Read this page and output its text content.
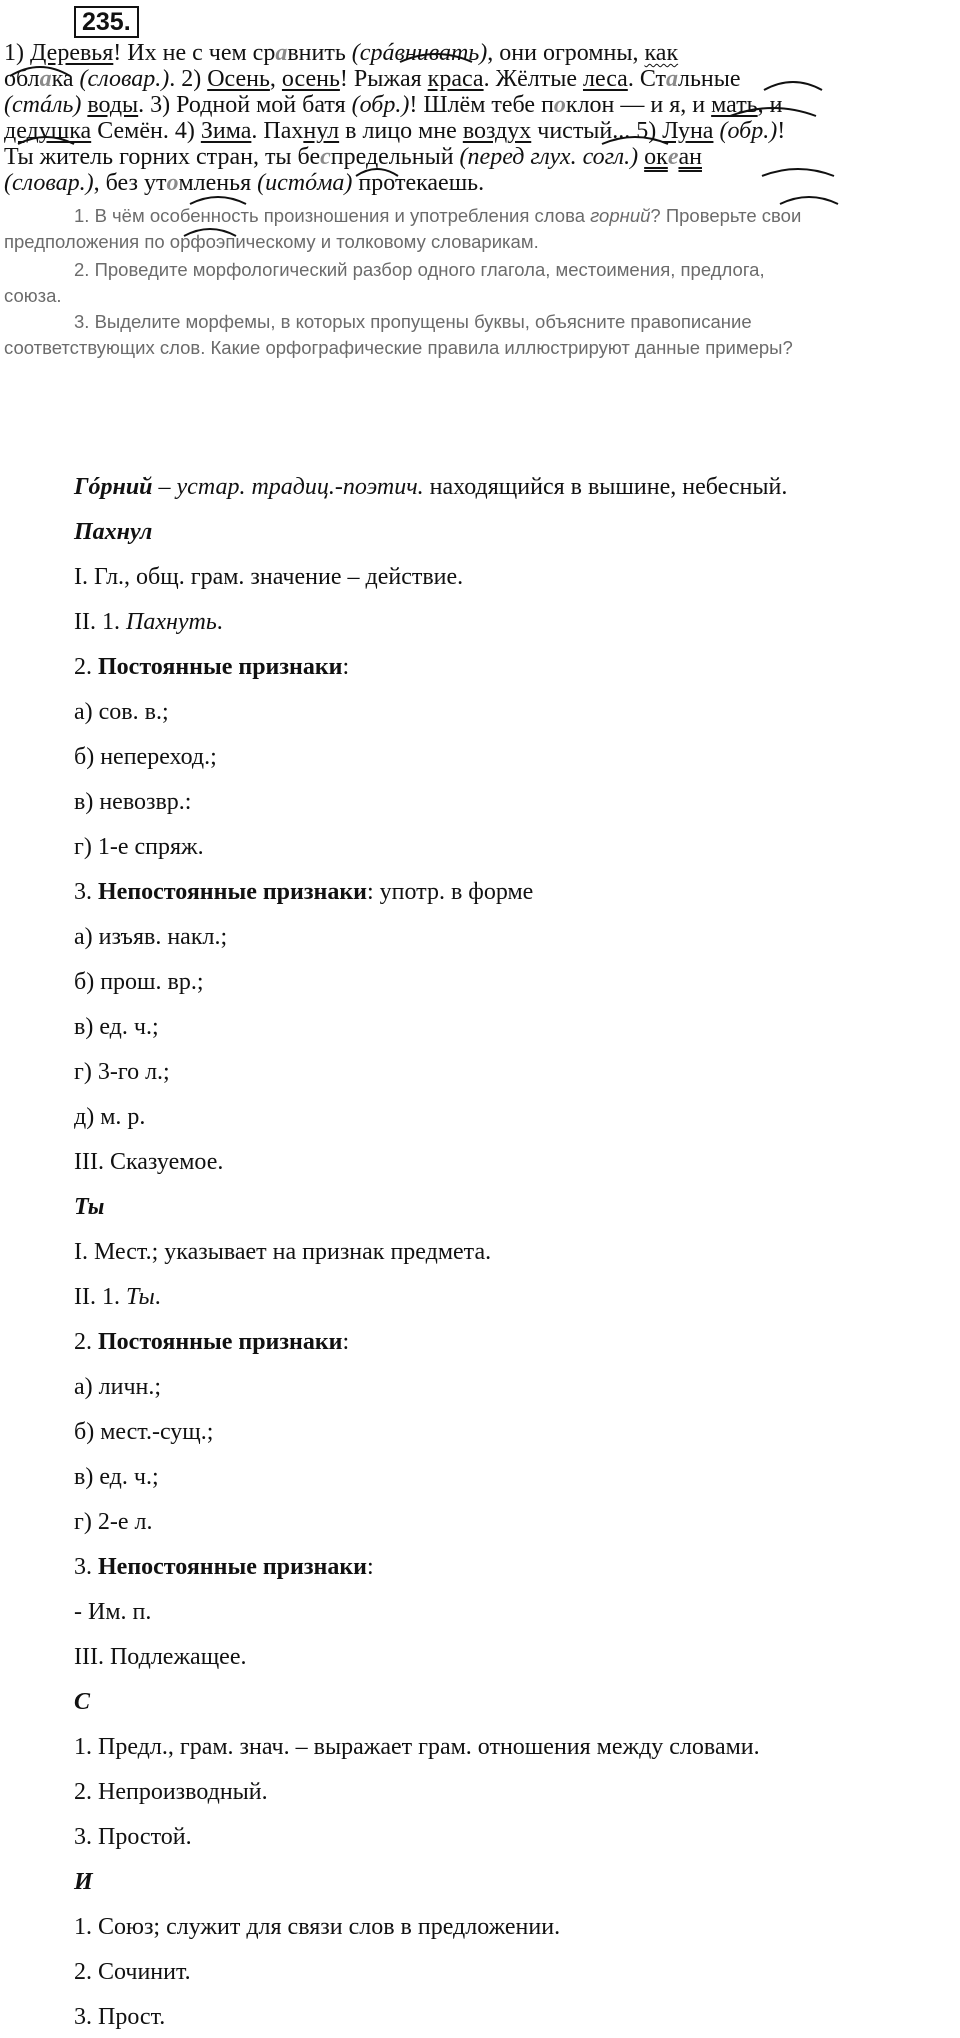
235.
1) Деревья! Их не с чем сравнить (срáвнивать), они огромны, как
облака (словар.). 2) Осень, осень! Рыжая краса. Жёлтые леса. Стальные
(стáль) воды. 3) Родной мой батя (обр.)! Шлём тебе поклон — и я, и мать, и
дедушка Семён. 4) Зима. Пахнул в лицо мне воздух чистый... 5) Луна (обр.)!
Ты житель горних стран, ты беспредельный (перед глух. согл.) океан
(словар.), без утомленья (истóма) протекаешь.
1. В чём особенность произношения и употребления слова горний? Проверьте свои
предположения по орфоэпическому и толковому словарикам.
2. Проведите морфологический разбор одного глагола, местоимения, предлога,
союза.
3. Выделите морфемы, в которых пропущены буквы, объясните правописание
соответствующих слов. Какие орфографические правила иллюстрируют данные примеры?
Гóрний – устар. традиц.-поэтич. находящийся в вышине, небесный.
Пахнул
I. Гл., общ. грам. значение – действие.
II. 1. Пахнуть.
2. Постоянные признаки:
а) сов. в.;
б) неперех​од.;
в) невозвр.:
г) 1-е спряж.
3. Непостоянные признаки: употр. в форме
а) изъяв. накл.;
б) прош. вр.;
в) ед. ч.;
г) 3-го л.;
д) м. р.
III. Сказуемое.
Ты
I. Мест.; указывает на признак предмета.
II. 1. Ты.
2. Постоянные признаки:
а) личн.;
б) мест.-сущ.;
в) ед. ч.;
г) 2-е л.
3. Непостоянные признаки:
- Им. п.
III. Подлежащее.
С
1. Предл., грам. знач. – выражает грам. отношения между словами.
2. Непроизводный.
3. Простой.
И
1. Союз; служит для связи слов в предложении.
2. Сочинит.
3. Прост.
